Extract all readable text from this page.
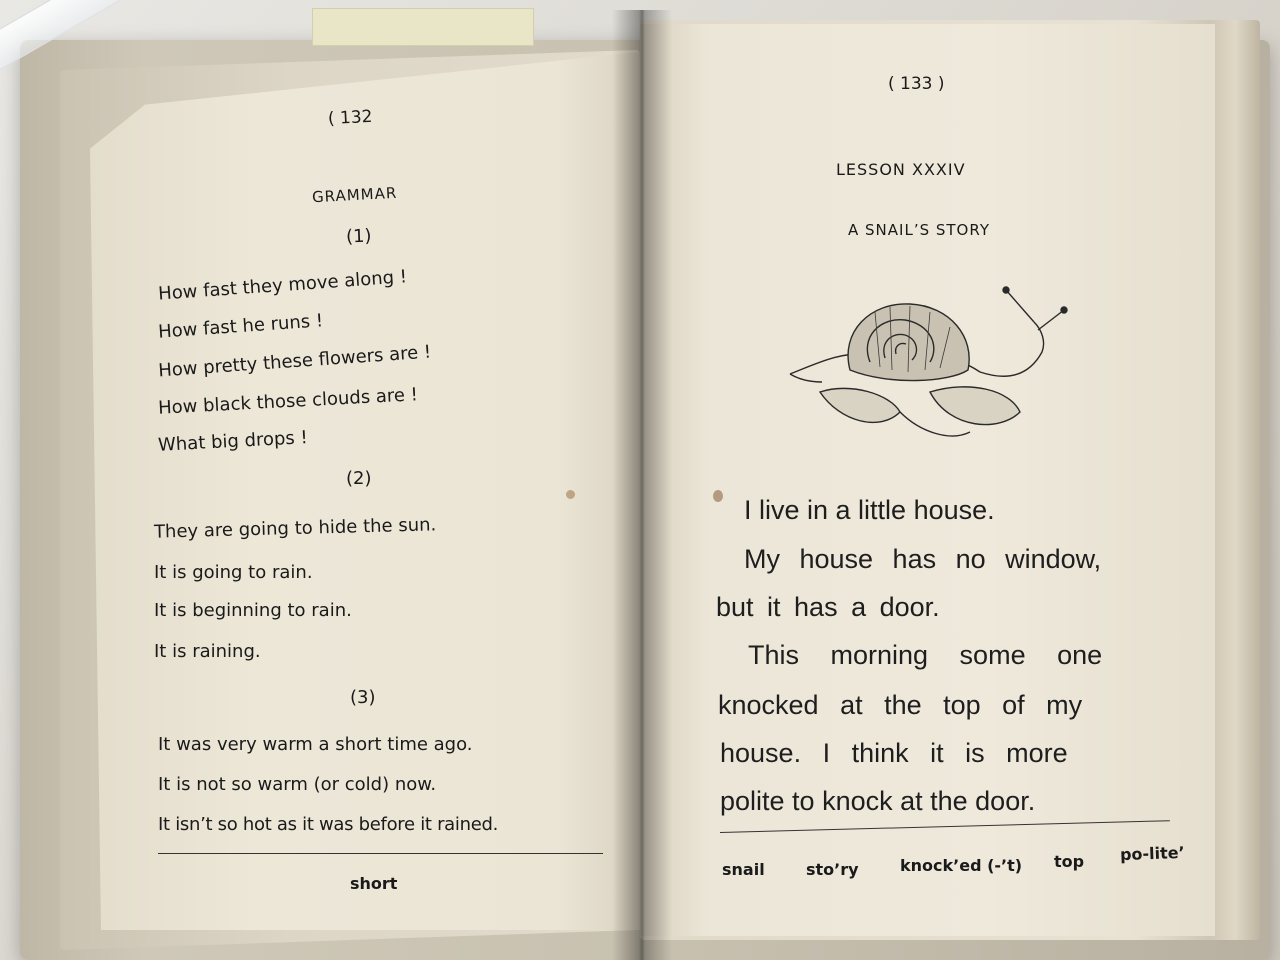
( 132
GRAMMAR
(1)
How fast they move along !
How fast he runs !
How pretty these flowers are !
How black those clouds are !
What big drops !
(2)
They are going to hide the sun.
It is going to rain.
It is beginning to rain.
It is raining.
(3)
It was very warm a short time ago.
It is not so warm (or cold) now.
It isn’t so hot as it was before it rained.
short
( 133 )
LESSON XXXIV
A SNAIL’S STORY
I live in a little house.
My house has no window,
but it has a door.
This morning some one
knocked at the top of my
house. I think it is more
polite to knock at the door.
snail	sto’ry	knock’ed (-’t) top po-lite’
